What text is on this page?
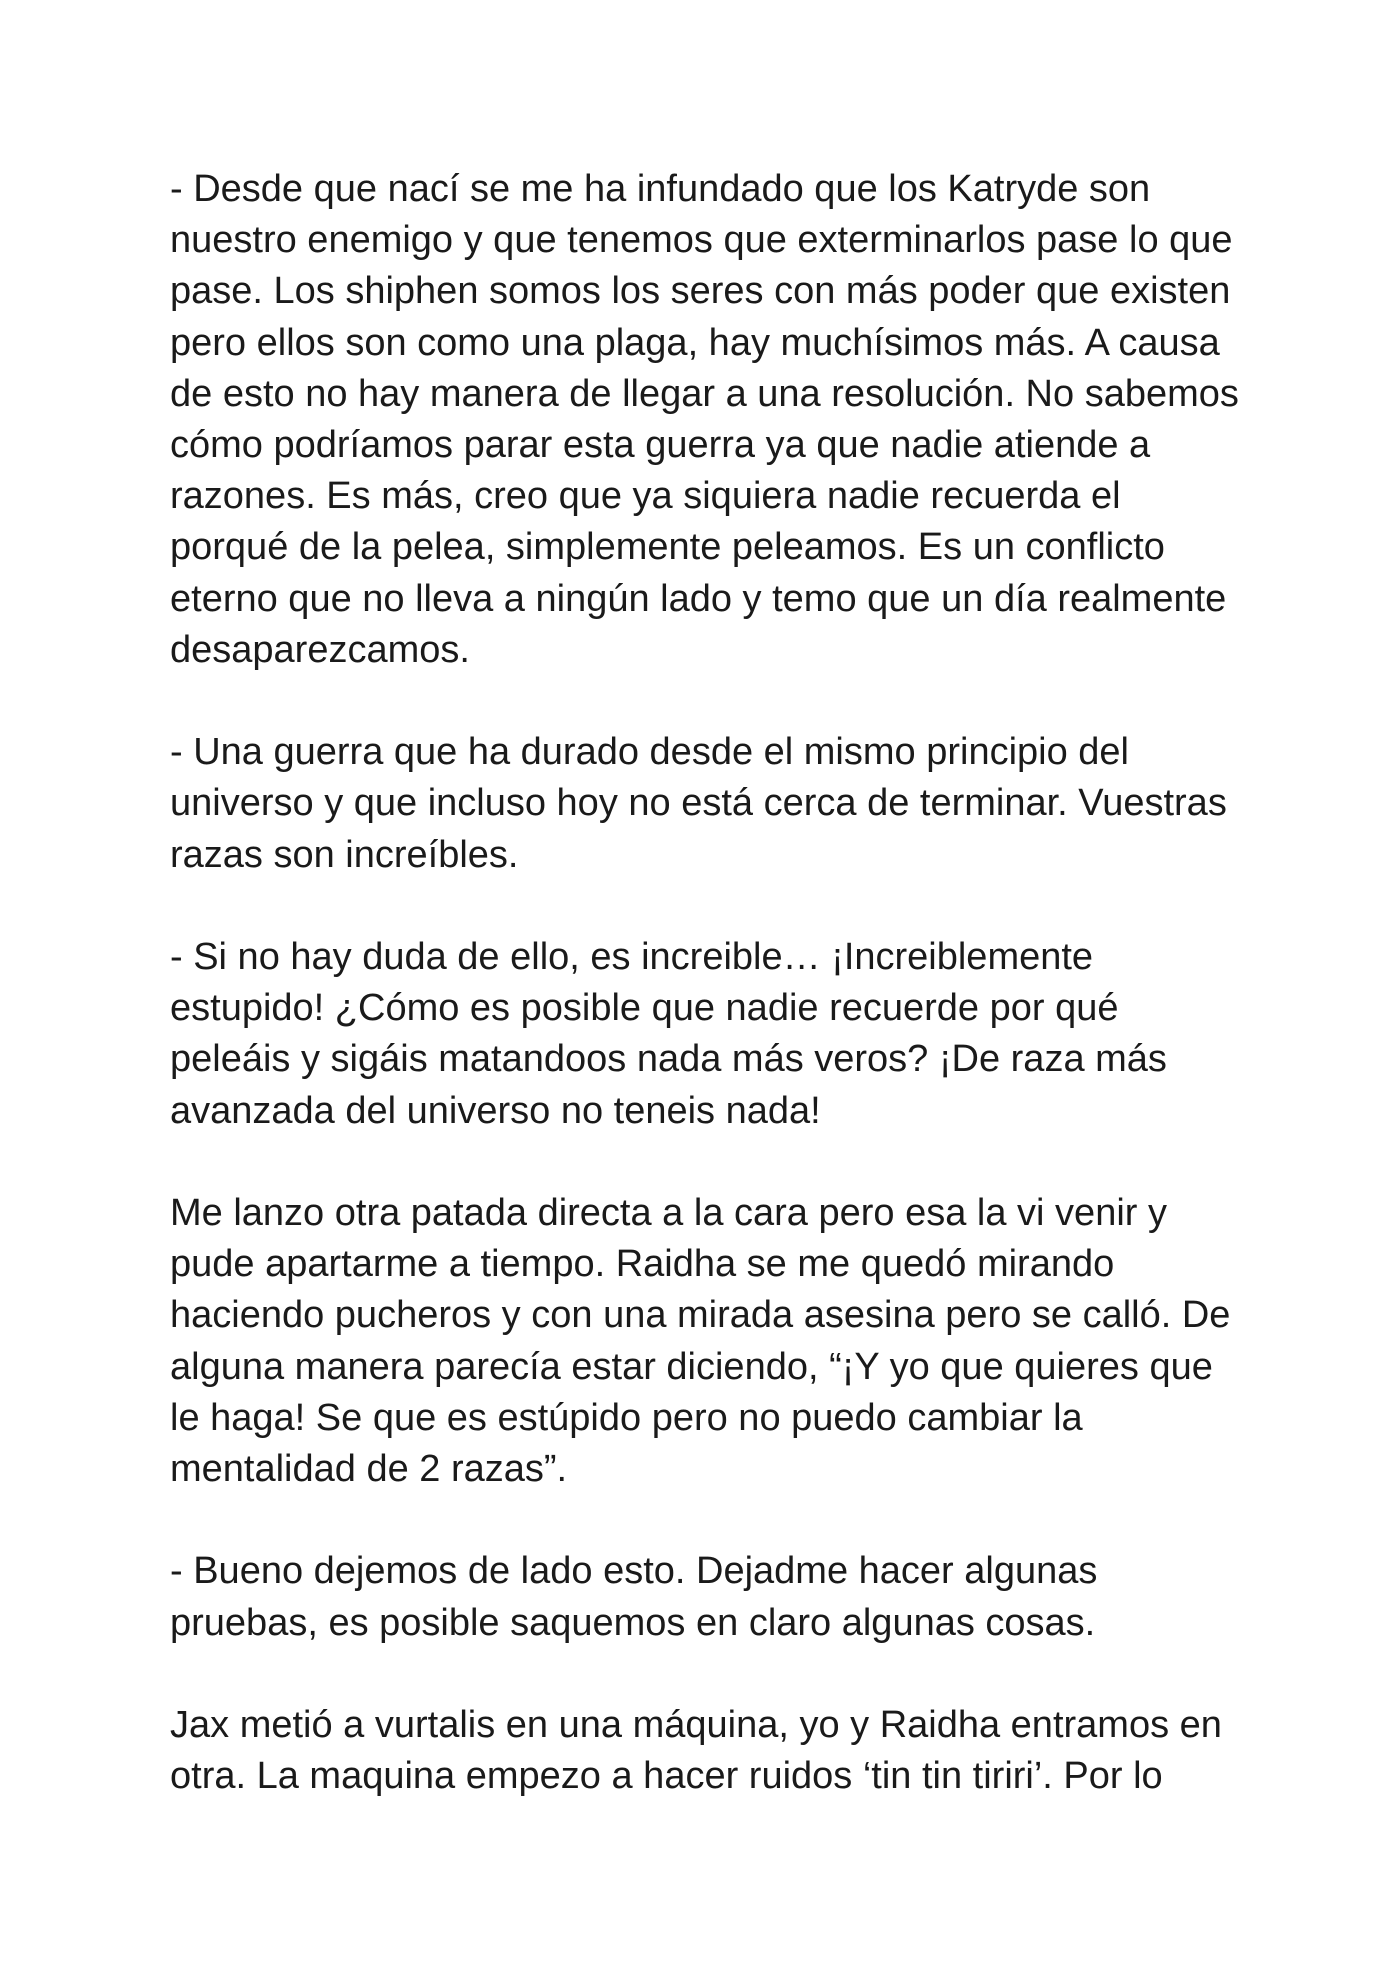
- Desde que nací se me ha infundado que los Katryde son
nuestro enemigo y que tenemos que exterminarlos pase lo que
pase. Los shiphen somos los seres con más poder que existen
pero ellos son como una plaga, hay muchísimos más. A causa
de esto no hay manera de llegar a una resolución. No sabemos
cómo podríamos parar esta guerra ya que nadie atiende a
razones. Es más, creo que ya siquiera nadie recuerda el
porqué de la pelea, simplemente peleamos. Es un conflicto
eterno que no lleva a ningún lado y temo que un día realmente
desaparezcamos.

- Una guerra que ha durado desde el mismo principio del
universo y que incluso hoy no está cerca de terminar. Vuestras
razas son increíbles.

- Si no hay duda de ello, es increible… ¡Increiblemente
estupido! ¿Cómo es posible que nadie recuerde por qué
peleáis y sigáis matandoos nada más veros? ¡De raza más
avanzada del universo no teneis nada!

Me lanzo otra patada directa a la cara pero esa la vi venir y
pude apartarme a tiempo. Raidha se me quedó mirando
haciendo pucheros y con una mirada asesina pero se calló. De
alguna manera parecía estar diciendo, “¡Y yo que quieres que
le haga! Se que es estúpido pero no puedo cambiar la
mentalidad de 2 razas”.

- Bueno dejemos de lado esto. Dejadme hacer algunas
pruebas, es posible saquemos en claro algunas cosas.

Jax metió a vurtalis en una máquina, yo y Raidha entramos en
otra. La maquina empezo a hacer ruidos ‘tin tin tiriri’. Por lo
